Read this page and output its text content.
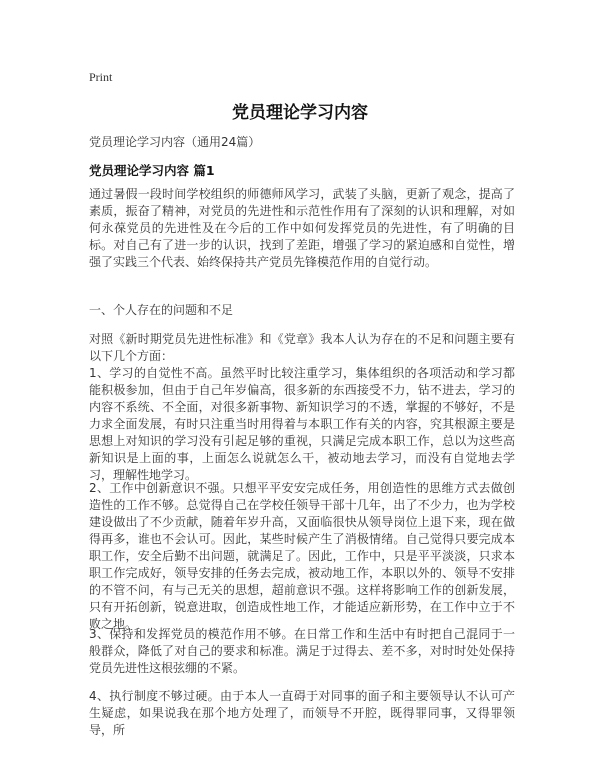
Print
党员理论学习内容
党员理论学习内容（通用24篇）
党员理论学习内容 篇1

通过暑假一段时间学校组织的师德师风学习，武装了头脑，更新了观念，提高了素质，振奋了精神，对党员的先进性和示范性作用有了深刻的认识和理解，对如何永葆党员的先进性及在今后的工作中如何发挥党员的先进性，有了明确的目标。对自己有了进一步的认识，找到了差距，增强了学习的紧迫感和自觉性，增强了实践三个代表、始终保持共产党员先锋模范作用的自觉行动。

一、个人存在的问题和不足

对照《新时期党员先进性标准》和《党章》我本人认为存在的不足和问题主要有以下几个方面：

1、学习的自觉性不高。虽然平时比较注重学习，集体组织的各项活动和学习都能积极参加，但由于自己年岁偏高，很多新的东西接受不力，钻不进去，学习的内容不系统、不全面，对很多新事物、新知识学习的不透，掌握的不够好，不是力求全面发展，有时只注重当时用得着与本职工作有关的内容，究其根源主要是思想上对知识的学习没有引起足够的重视，只满足完成本职工作，总以为这些高新知识是上面的事，上面怎么说就怎么干，被动地去学习，而没有自觉地去学习，理解性地学习。

2、工作中创新意识不强。只想平平安安完成任务，用创造性的思维方式去做创造性的工作不够。总觉得自己在学校任领导干部十几年，出了不少力，也为学校建设做出了不少贡献，随着年岁升高，又面临很快从领导岗位上退下来，现在做得再多，谁也不会认可。因此，某些时候产生了消极情绪。自己觉得只要完成本职工作，安全后勤不出问题，就满足了。因此，工作中，只是平平淡淡，只求本职工作完成好，领导安排的任务去完成，被动地工作，本职以外的、领导不安排的不管不问，有与己无关的思想，超前意识不强。这样将影响工作的创新发展，只有开拓创新，锐意进取，创造成性地工作，才能适应新形势，在工作中立于不败之地。

3、保持和发挥党员的模范作用不够。在日常工作和生活中有时把自己混同于一般群众，降低了对自己的要求和标准。满足于过得去、差不多，对时时处处保持党员先进性这根弦绷的不紧。

4、执行制度不够过硬。由于本人一直碍于对同事的面子和主要领导认不认可产生疑虑，如果说我在那个地方处理了，而领导不开腔，既得罪同事，又得罪领导，所
